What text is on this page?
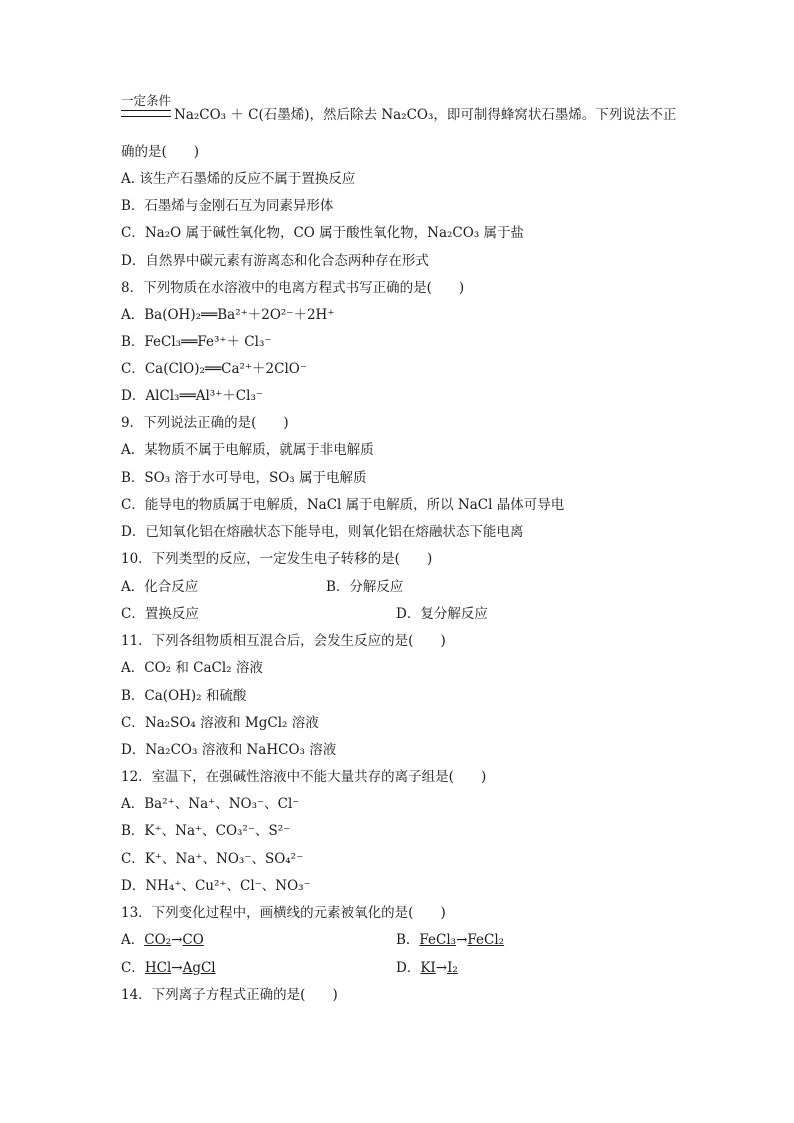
一定条件
Na₂CO₃ ＋ C(石墨烯)，然后除去 Na₂CO₃，即可制得蜂窝状石墨烯。下列说法不正
确的是(　　)
A. 该生产石墨烯的反应不属于置换反应
B．石墨烯与金刚石互为同素异形体
C．Na₂O 属于碱性氧化物，CO 属于酸性氧化物，Na₂CO₃ 属于盐
D．自然界中碳元素有游离态和化合态两种存在形式
8．下列物质在水溶液中的电离方程式书写正确的是(　　)
A．Ba(OH)₂══Ba²⁺＋2O²⁻＋2H⁺
B．FeCl₃══Fe³⁺＋ Cl₃⁻
C．Ca(ClO)₂══Ca²⁺＋2ClO⁻
D．AlCl₃══Al³⁺＋Cl₃⁻
9．下列说法正确的是(　　)
A．某物质不属于电解质，就属于非电解质
B．SO₃ 溶于水可导电，SO₃ 属于电解质
C．能导电的物质属于电解质，NaCl 属于电解质，所以 NaCl 晶体可导电
D．已知氧化铝在熔融状态下能导电，则氧化铝在熔融状态下能电离
10．下列类型的反应，一定发生电子转移的是(　　)
A．化合反应	B．分解反应
C．置换反应	D．复分解反应
11．下列各组物质相互混合后，会发生反应的是(　　)
A．CO₂ 和 CaCl₂ 溶液
B．Ca(OH)₂ 和硫酸
C．Na₂SO₄ 溶液和 MgCl₂ 溶液
D．Na₂CO₃ 溶液和 NaHCO₃ 溶液
12．室温下，在强碱性溶液中不能大量共存的离子组是(　　)
A．Ba²⁺、Na⁺、NO₃⁻、Cl⁻
B．K⁺、Na⁺、CO₃²⁻、S²⁻
C．K⁺、Na⁺、NO₃⁻、SO₄²⁻
D．NH₄⁺、Cu²⁺、Cl⁻、NO₃⁻
13．下列变化过程中，画横线的元素被氧化的是(　　)
A．CO₂→CO	B．FeCl₃→FeCl₂
C．HCl→AgCl	D．KI→I₂
14．下列离子方程式正确的是(　　)
